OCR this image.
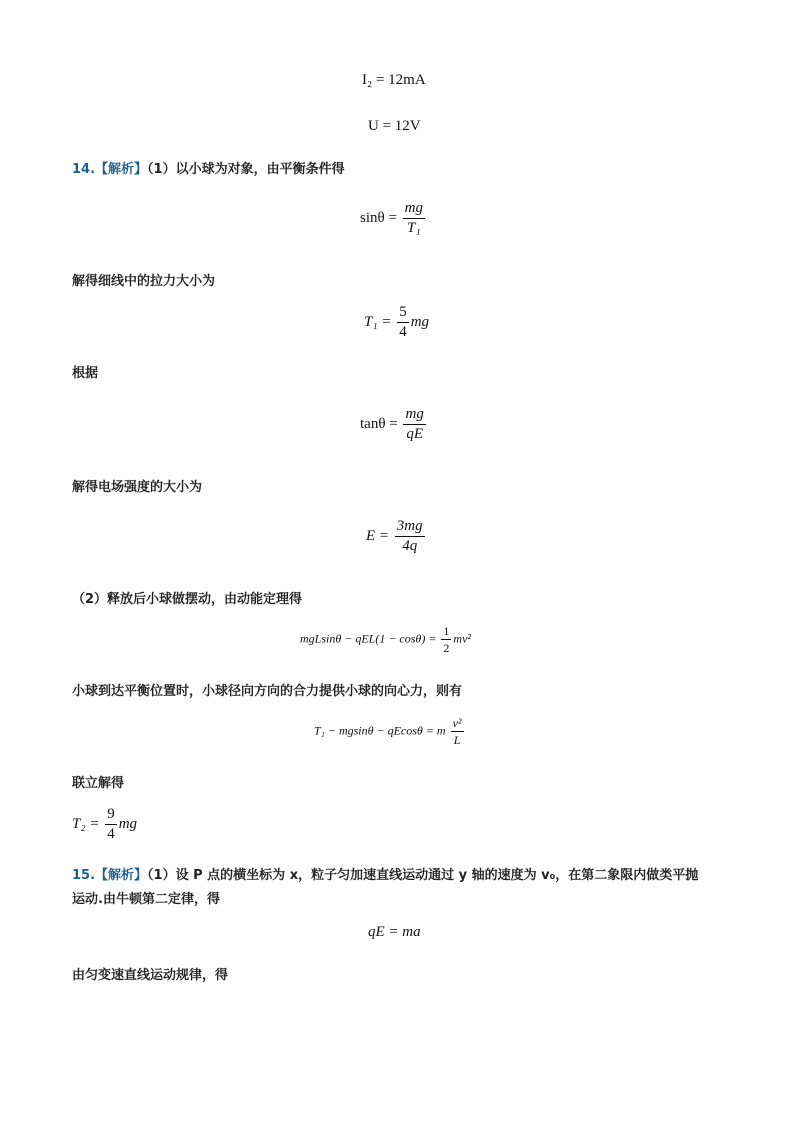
I₂ = 12mA
U = 12V
14.【解析】（1）以小球为对象，由平衡条件得
$\sin\theta = \frac{mg}{\text{T₁}}$
解得细线中的拉力大小为
$T_1 = \frac{5}{4}$ mg
根据
$\tan\theta = \frac{mg}{qE}$
解得电场强度的大小为
$E = \frac{3mg}{4q}$
（2）释放后小球做摆动，由动能定理得
$mgLsin\theta - qEL(1 - \cos\theta) = \frac{1}{2} mv^2$
小球到达平衡位置时，小球径向方向的合力提供小球的向心力，则有
T₁ − mgsinθ − qEcosθ = m $\frac{\text{v²}}{L}$
联立解得
$T_2 = \frac{9}{4}$ mg
15.【解析】（1）设 P 点的横坐标为 x，粒子匀加速直线运动通过 y 轴的速度为 v₀，在第二象限内做类平抛
运动.由牛顿第二定律，得
qE = ma
由匀变速直线运动规律，得
